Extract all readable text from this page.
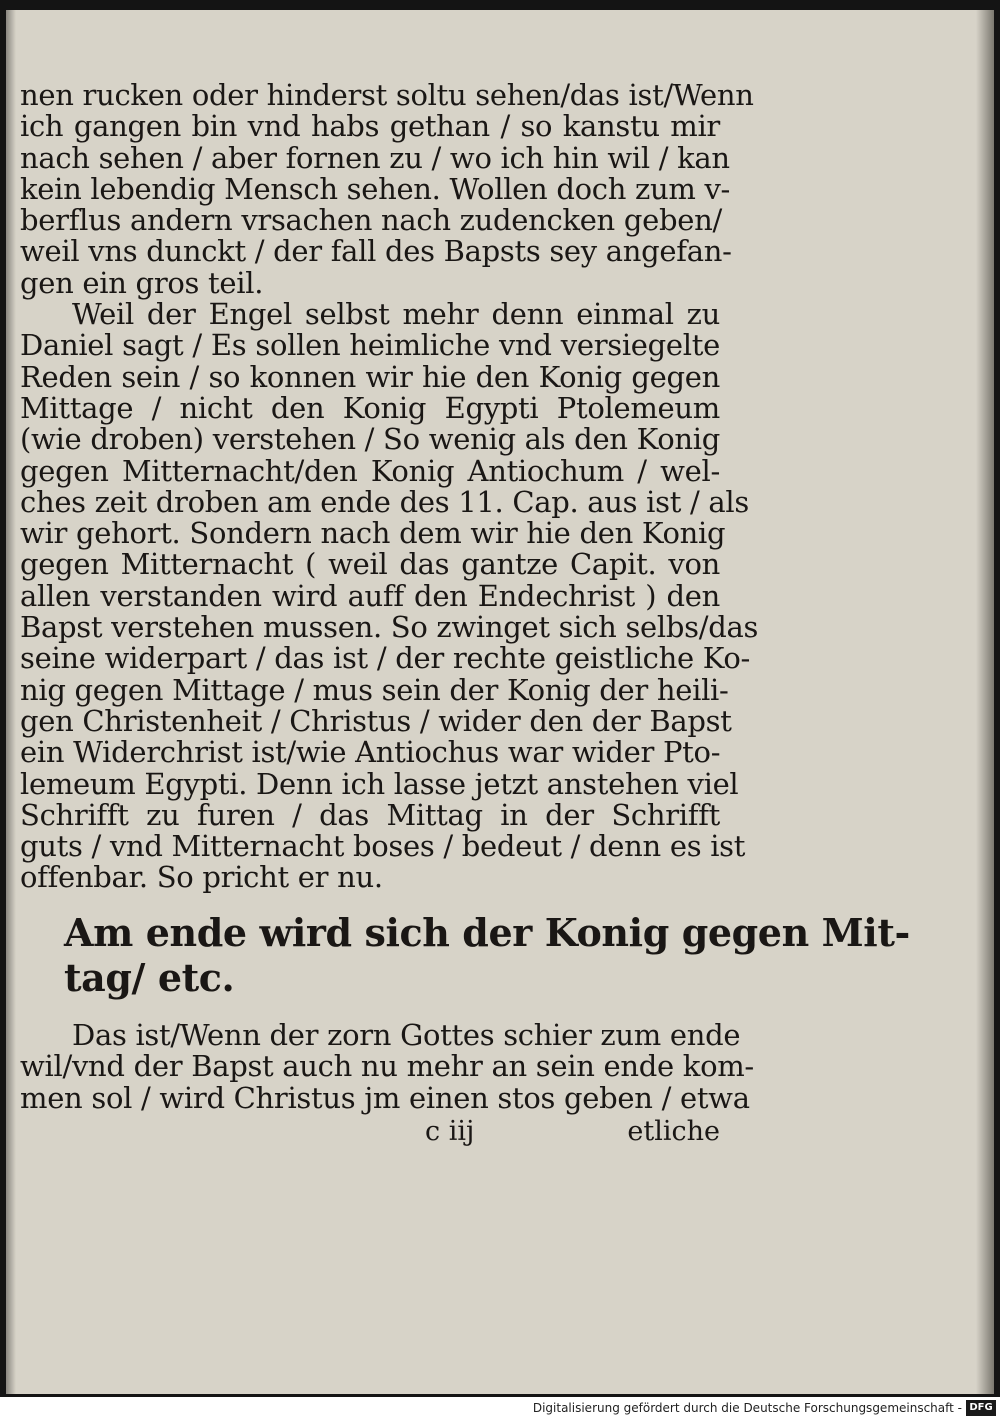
nen rucken oder hinderst soltu sehen/das ist/Wenn
ich gangen bin vnd habs gethan / so kanstu mir
nach sehen / aber fornen zu / wo ich hin wil / kan
kein lebendig Mensch sehen. Wollen doch zum v-
berflus andern vrsachen nach zudencken geben/
weil vns dunckt / der fall des Bapsts sey angefan-
gen ein gros teil.
Weil der Engel selbst mehr denn einmal zu
Daniel sagt / Es sollen heimliche vnd versiegelte
Reden sein / so konnen wir hie den Konig gegen
Mittage / nicht den Konig Egypti Ptolemeum
(wie droben) verstehen / So wenig als den Konig
gegen Mitternacht/den Konig Antiochum / wel-
ches zeit droben am ende des 11. Cap. aus ist / als
wir gehort. Sondern nach dem wir hie den Konig
gegen Mitternacht ( weil das gantze Capit. von
allen verstanden wird auff den Endechrist ) den
Bapst verstehen mussen. So zwinget sich selbs/das
seine widerpart / das ist / der rechte geistliche Ko-
nig gegen Mittage / mus sein der Konig der heili-
gen Christenheit / Christus / wider den der Bapst
ein Widerchrist ist/wie Antiochus war wider Pto-
lemeum Egypti. Denn ich lasse jetzt anstehen viel
Schrifft zu furen / das Mittag in der Schrifft
guts / vnd Mitternacht boses / bedeut / denn es ist
offenbar. So pricht er nu.
Am ende wird sich der Konig gegen Mit-
tag/ etc.
Das ist/Wenn der zorn Gottes schier zum ende
wil/vnd der Bapst auch nu mehr an sein ende kom-
men sol / wird Christus jm einen stos geben / etwa
c iij	etliche
Digitalisierung gefördert durch die Deutsche Forschungsgemeinschaft - DFG
